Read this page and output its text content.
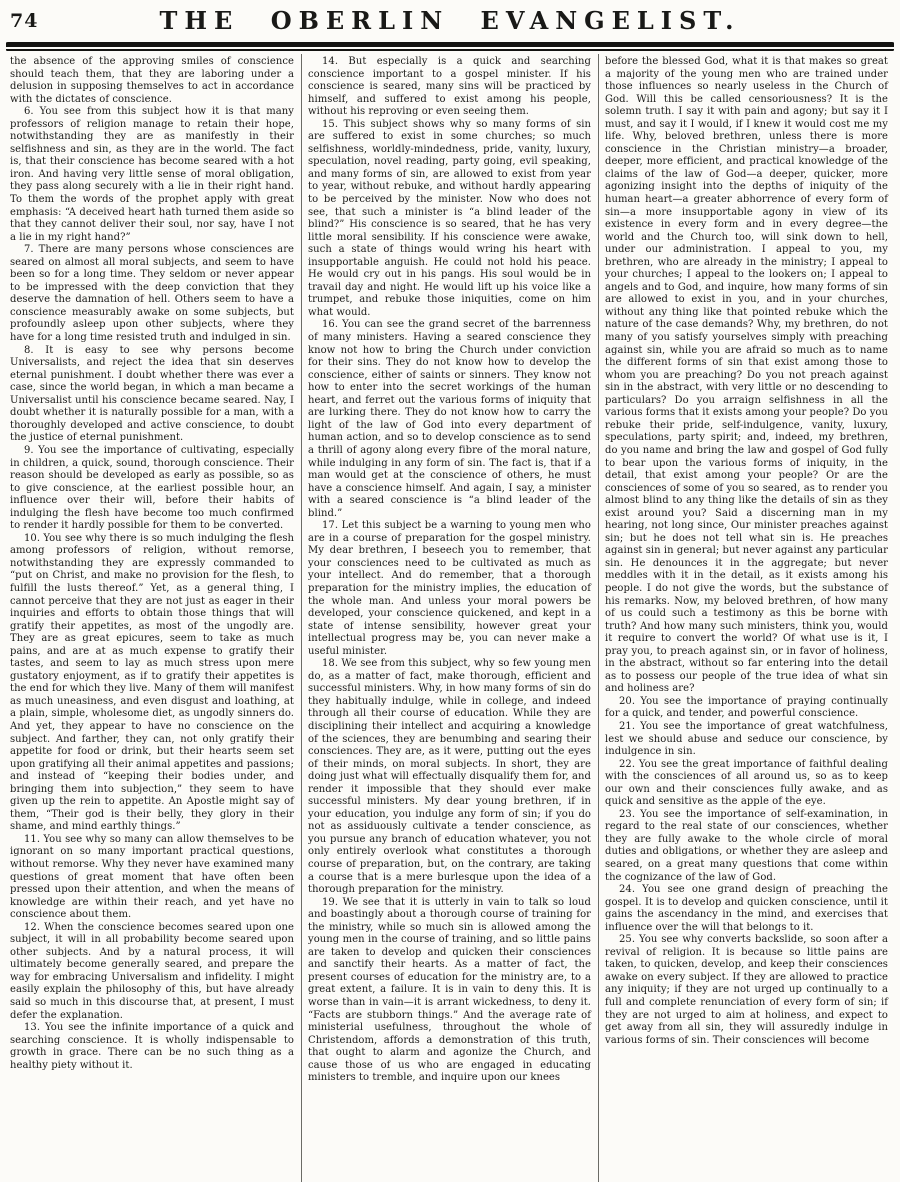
74	THE OBERLIN EVANGELIST.

the absence of the approving smiles of conscience should teach them, that they are laboring under a delusion in supposing themselves to act in accordance with the dictates of conscience.

6. You see from this subject how it is that many professors of religion manage to retain their hope, notwithstanding they are as manifestly in their selfishness and sin, as they are in the world. The fact is, that their conscience has become seared with a hot iron. And having very little sense of moral obligation, they pass along securely with a lie in their right hand. To them the words of the prophet apply with great emphasis: “A deceived heart hath turned them aside so that they cannot deliver their soul, nor say, have I not a lie in my right hand?”

7. There are many persons whose consciences are seared on almost all moral subjects, and seem to have been so for a long time. They seldom or never appear to be impressed with the deep conviction that they deserve the damnation of hell. Others seem to have a conscience measurably awake on some subjects, but profoundly asleep upon other subjects, where they have for a long time resisted truth and indulged in sin.

8. It is easy to see why persons become Universalists, and reject the idea that sin deserves eternal punishment. I doubt whether there was ever a case, since the world began, in which a man became a Universalist until his conscience became seared. Nay, I doubt whether it is naturally possible for a man, with a thoroughly developed and active conscience, to doubt the justice of eternal punishment.

9. You see the importance of cultivating, especially in children, a quick, sound, thorough conscience. Their reason should be developed as early as possible, so as to give conscience, at the earliest possible hour, an influence over their will, before their habits of indulging the flesh have become too much confirmed to render it hardly possible for them to be converted.

10. You see why there is so much indulging the flesh among professors of religion, without remorse, notwithstanding they are expressly commanded to “put on Christ, and make no provision for the flesh, to fulfill the lusts thereof.” Yet, as a general thing, I cannot perceive that they are not just as eager in their inquiries and efforts to obtain those things that will gratify their appetites, as most of the ungodly are. They are as great epicures, seem to take as much pains, and are at as much expense to gratify their tastes, and seem to lay as much stress upon mere gustatory enjoyment, as if to gratify their appetites is the end for which they live. Many of them will manifest as much uneasiness, and even disgust and loathing, at a plain, simple, wholesome diet, as ungodly sinners do. And yet, they appear to have no conscience on the subject. And farther, they can, not only gratify their appetite for food or drink, but their hearts seem set upon gratifying all their animal appetites and passions; and instead of “keeping their bodies under, and bringing them into subjection,” they seem to have given up the rein to appetite. An Apostle might say of them, “Their god is their belly, they glory in their shame, and mind earthly things.”

11. You see why so many can allow themselves to be ignorant on so many important practical questions, without remorse. Why they never have examined many questions of great moment that have often been pressed upon their attention, and when the means of knowledge are within their reach, and yet have no conscience about them.

12. When the conscience becomes seared upon one subject, it will in all probability become seared upon other subjects. And by a natural process, it will ultimately become generally seared, and prepare the way for embracing Universalism and infidelity. I might easily explain the philosophy of this, but have already said so much in this discourse that, at present, I must defer the explanation.

13. You see the infinite importance of a quick and searching conscience. It is wholly indispensable to growth in grace. There can be no such thing as a healthy piety without it.

14. But especially is a quick and searching conscience important to a gospel minister. If his conscience is seared, many sins will be practiced by himself, and suffered to exist among his people, without his reproving or even seeing them.

15. This subject shows why so many forms of sin are suffered to exist in some churches; so much selfishness, worldly-mindedness, pride, vanity, luxury, speculation, novel reading, party going, evil speaking, and many forms of sin, are allowed to exist from year to year, without rebuke, and without hardly appearing to be perceived by the minister. Now who does not see, that such a minister is “a blind leader of the blind?” His conscience is so seared, that he has very little moral sensibility. If his conscience were awake, such a state of things would wring his heart with insupportable anguish. He could not hold his peace. He would cry out in his pangs. His soul would be in travail day and night. He would lift up his voice like a trumpet, and rebuke those iniquities, come on him what would.

16. You can see the grand secret of the barrenness of many ministers. Having a seared conscience they know not how to bring the Church under conviction for their sins. They do not know how to develop the conscience, either of saints or sinners. They know not how to enter into the secret workings of the human heart, and ferret out the various forms of iniquity that are lurking there. They do not know how to carry the light of the law of God into every department of human action, and so to develop conscience as to send a thrill of agony along every fibre of the moral nature, while indulging in any form of sin. The fact is, that if a man would get at the conscience of others, he must have a conscience himself. And again, I say, a minister with a seared conscience is “a blind leader of the blind.”

17. Let this subject be a warning to young men who are in a course of preparation for the gospel ministry. My dear brethren, I beseech you to remember, that your consciences need to be cultivated as much as your intellect. And do remember, that a thorough preparation for the ministry implies, the education of the whole man. And unless your moral powers be developed, your conscience quickened, and kept in a state of intense sensibility, however great your intellectual progress may be, you can never make a useful minister.

18. We see from this subject, why so few young men do, as a matter of fact, make thorough, efficient and successful ministers. Why, in how many forms of sin do they habitually indulge, while in college, and indeed through all their course of education. While they are disciplining their intellect and acquiring a knowledge of the sciences, they are benumbing and searing their consciences. They are, as it were, putting out the eyes of their minds, on moral subjects. In short, they are doing just what will effectually disqualify them for, and render it impossible that they should ever make successful ministers. My dear young brethren, if in your education, you indulge any form of sin; if you do not as assiduously cultivate a tender conscience, as you pursue any branch of education whatever, you not only entirely overlook what constitutes a thorough course of preparation, but, on the contrary, are taking a course that is a mere burlesque upon the idea of a thorough preparation for the ministry.

19. We see that it is utterly in vain to talk so loud and boastingly about a thorough course of training for the ministry, while so much sin is allowed among the young men in the course of training, and so little pains are taken to develop and quicken their consciences and sanctify their hearts. As a matter of fact, the present courses of education for the ministry are, to a great extent, a failure. It is in vain to deny this. It is worse than in vain—it is arrant wickedness, to deny it. “Facts are stubborn things.” And the average rate of ministerial usefulness, throughout the whole of Christendom, affords a demonstration of this truth, that ought to alarm and agonize the Church, and cause those of us who are engaged in educating ministers to tremble, and inquire upon our knees

before the blessed God, what it is that makes so great a majority of the young men who are trained under those influences so nearly useless in the Church of God. Will this be called censoriousness? It is the solemn truth. I say it with pain and agony; but say it I must, and say it I would, if I knew it would cost me my life. Why, beloved brethren, unless there is more conscience in the Christian ministry—a broader, deeper, more efficient, and practical knowledge of the claims of the law of God—a deeper, quicker, more agonizing insight into the depths of iniquity of the human heart—a greater abhorrence of every form of sin—a more insupportable agony in view of its existence in every form and in every degree—the world and the Church too, will sink down to hell, under our administration. I appeal to you, my brethren, who are already in the ministry; I appeal to your churches; I appeal to the lookers on; I appeal to angels and to God, and inquire, how many forms of sin are allowed to exist in you, and in your churches, without any thing like that pointed rebuke which the nature of the case demands? Why, my brethren, do not many of you satisfy yourselves simply with preaching against sin, while you are afraid so much as to name the different forms of sin that exist among those to whom you are preaching? Do you not preach against sin in the abstract, with very little or no descending to particulars? Do you arraign selfishness in all the various forms that it exists among your people? Do you rebuke their pride, self-indulgence, vanity, luxury, speculations, party spirit; and, indeed, my brethren, do you name and bring the law and gospel of God fully to bear upon the various forms of iniquity, in the detail, that exist among your people? Or are the consciences of some of you so seared, as to render you almost blind to any thing like the details of sin as they exist around you? Said a discerning man in my hearing, not long since, Our minister preaches against sin; but he does not tell what sin is. He preaches against sin in general; but never against any particular sin. He denounces it in the aggregate; but never meddles with it in the detail, as it exists among his people. I do not give the words, but the substance of his remarks. Now, my beloved brethren, of how many of us could such a testimony as this be borne with truth? And how many such ministers, think you, would it require to convert the world? Of what use is it, I pray you, to preach against sin, or in favor of holiness, in the abstract, without so far entering into the detail as to possess our people of the true idea of what sin and holiness are?

20. You see the importance of praying continually for a quick, and tender, and powerful conscience.

21. You see the importance of great watchfulness, lest we should abuse and seduce our conscience, by indulgence in sin.

22. You see the great importance of faithful dealing with the consciences of all around us, so as to keep our own and their consciences fully awake, and as quick and sensitive as the apple of the eye.

23. You see the importance of self-examination, in regard to the real state of our consciences, whether they are fully awake to the whole circle of moral duties and obligations, or whether they are asleep and seared, on a great many questions that come within the cognizance of the law of God.

24. You see one grand design of preaching the gospel. It is to develop and quicken conscience, until it gains the ascendancy in the mind, and exercises that influence over the will that belongs to it.

25. You see why converts backslide, so soon after a revival of religion. It is because so little pains are taken, to quicken, develop, and keep their consciences awake on every subject. If they are allowed to practice any iniquity; if they are not urged up continually to a full and complete renunciation of every form of sin; if they are not urged to aim at holiness, and expect to get away from all sin, they will assuredly indulge in various forms of sin. Their consciences will become
